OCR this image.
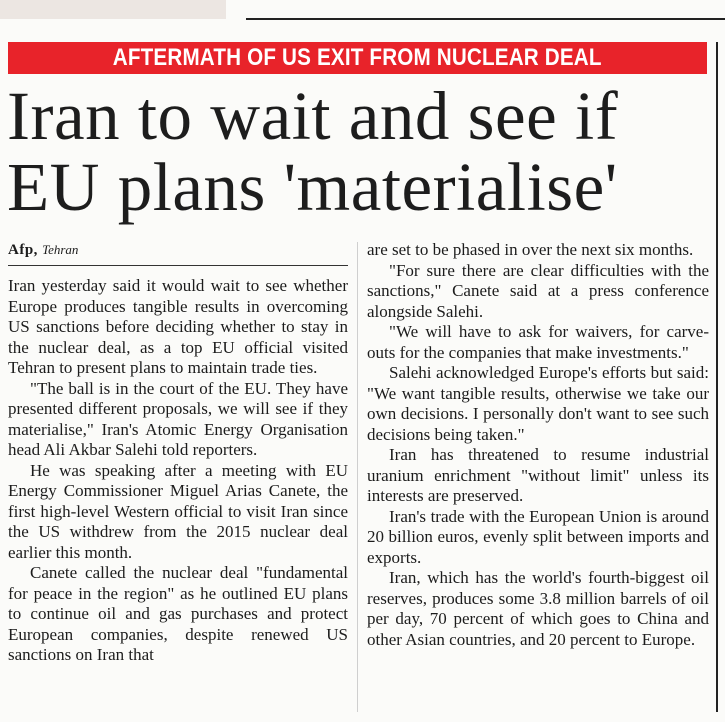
AFTERMATH OF US EXIT FROM NUCLEAR DEAL
Iran to wait and see if
EU plans 'materialise'
Afp, Tehran

Iran yesterday said it would wait to see whether Europe produces tangible results in overcoming US sanctions before deciding whether to stay in the nuclear deal, as a top EU official visited Tehran to present plans to maintain trade ties.

"The ball is in the court of the EU. They have presented different proposals, we will see if they materialise," Iran's Atomic Energy Organisation head Ali Akbar Salehi told reporters.

He was speaking after a meeting with EU Energy Commissioner Miguel Arias Canete, the first high-level Western official to visit Iran since the US withdrew from the 2015 nuclear deal earlier this month.

Canete called the nuclear deal "fundamental for peace in the region" as he outlined EU plans to continue oil and gas purchases and protect European companies, despite renewed US sanctions on Iran that

are set to be phased in over the next six months.

"For sure there are clear difficulties with the sanctions," Canete said at a press conference alongside Salehi.

"We will have to ask for waivers, for carve-outs for the companies that make investments."

Salehi acknowledged Europe's efforts but said: "We want tangible results, otherwise we take our own decisions. I personally don't want to see such decisions being taken."

Iran has threatened to resume industrial uranium enrichment "without limit" unless its interests are preserved.

Iran's trade with the European Union is around 20 billion euros, evenly split between imports and exports.

Iran, which has the world's fourth-biggest oil reserves, produces some 3.8 million barrels of oil per day, 70 percent of which goes to China and other Asian countries, and 20 percent to Europe.
